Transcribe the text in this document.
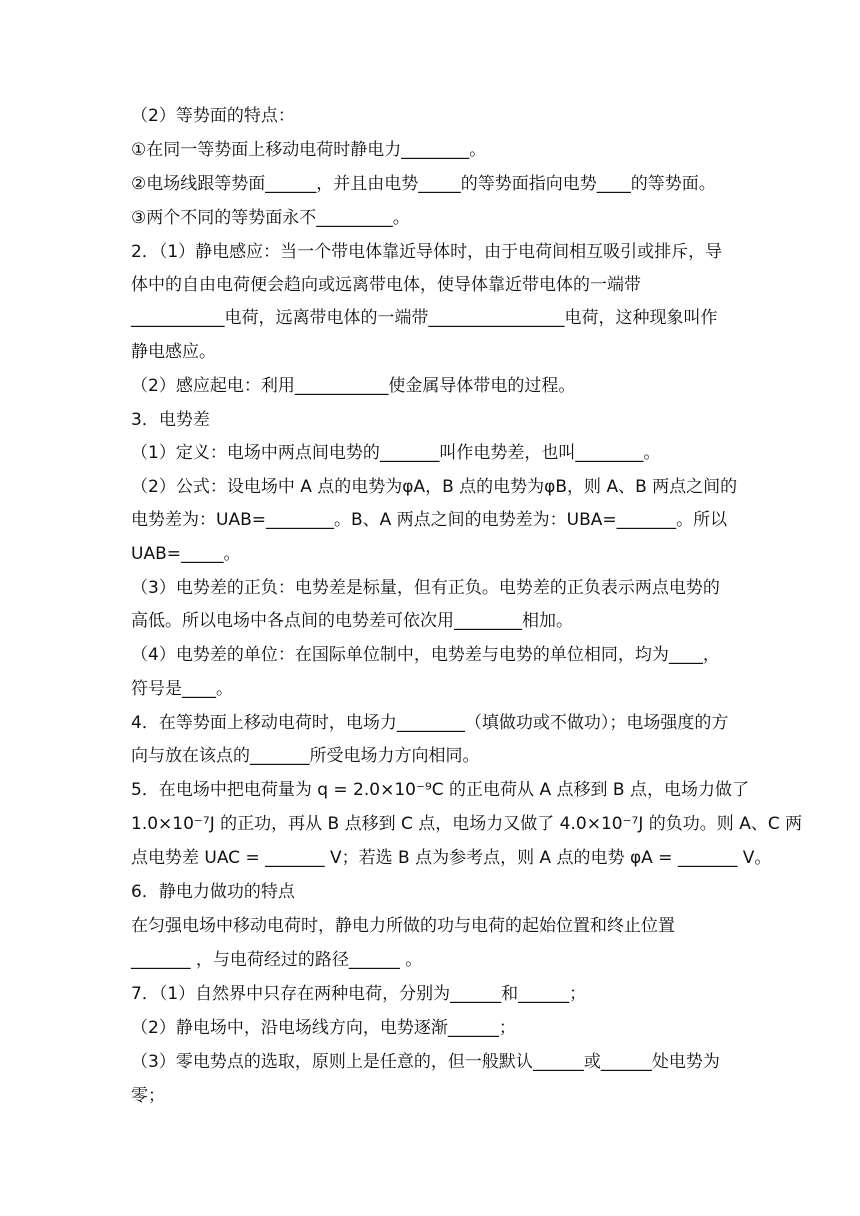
（2）等势面的特点：
①在同一等势面上移动电荷时静电力________。
②电场线跟等势面______，并且由电势_____的等势面指向电势____的等势面。
③两个不同的等势面永不_________。
2．（1）静电感应：当一个带电体靠近导体时，由于电荷间相互吸引或排斥，导
体中的自由电荷便会趋向或远离带电体，使导体靠近带电体的一端带
___________电荷，远离带电体的一端带________________电荷，这种现象叫作
静电感应。
（2）感应起电：利用___________使金属导体带电的过程。
3．电势差
（1）定义：电场中两点间电势的_______叫作电势差，也叫________。
（2）公式：设电场中 A 点的电势为φA，B 点的电势为φB，则 A、B 两点之间的
电势差为：UAB=________。B、A 两点之间的电势差为：UBA=_______。所以
UAB=_____。
（3）电势差的正负：电势差是标量，但有正负。电势差的正负表示两点电势的
高低。所以电场中各点间的电势差可依次用________相加。
（4）电势差的单位：在国际单位制中，电势差与电势的单位相同，均为____，
符号是____。
4．在等势面上移动电荷时，电场力________（填做功或不做功）；电场强度的方
向与放在该点的_______所受电场力方向相同。
5．在电场中把电荷量为 q = 2.0×10⁻⁹C 的正电荷从 A 点移到 B 点，电场力做了
1.0×10⁻⁷J 的正功，再从 B 点移到 C 点，电场力又做了 4.0×10⁻⁷J 的负功。则 A、C 两
点电势差 UAC = _______ V；若选 B 点为参考点，则 A 点的电势 φA = _______ V。
6．静电力做功的特点
在匀强电场中移动电荷时，静电力所做的功与电荷的起始位置和终止位置
_______ ，与电荷经过的路径______ 。
7．（1）自然界中只存在两种电荷，分别为______和______；
（2）静电场中，沿电场线方向，电势逐渐______；
（3）零电势点的选取，原则上是任意的，但一般默认______或______处电势为
零；
